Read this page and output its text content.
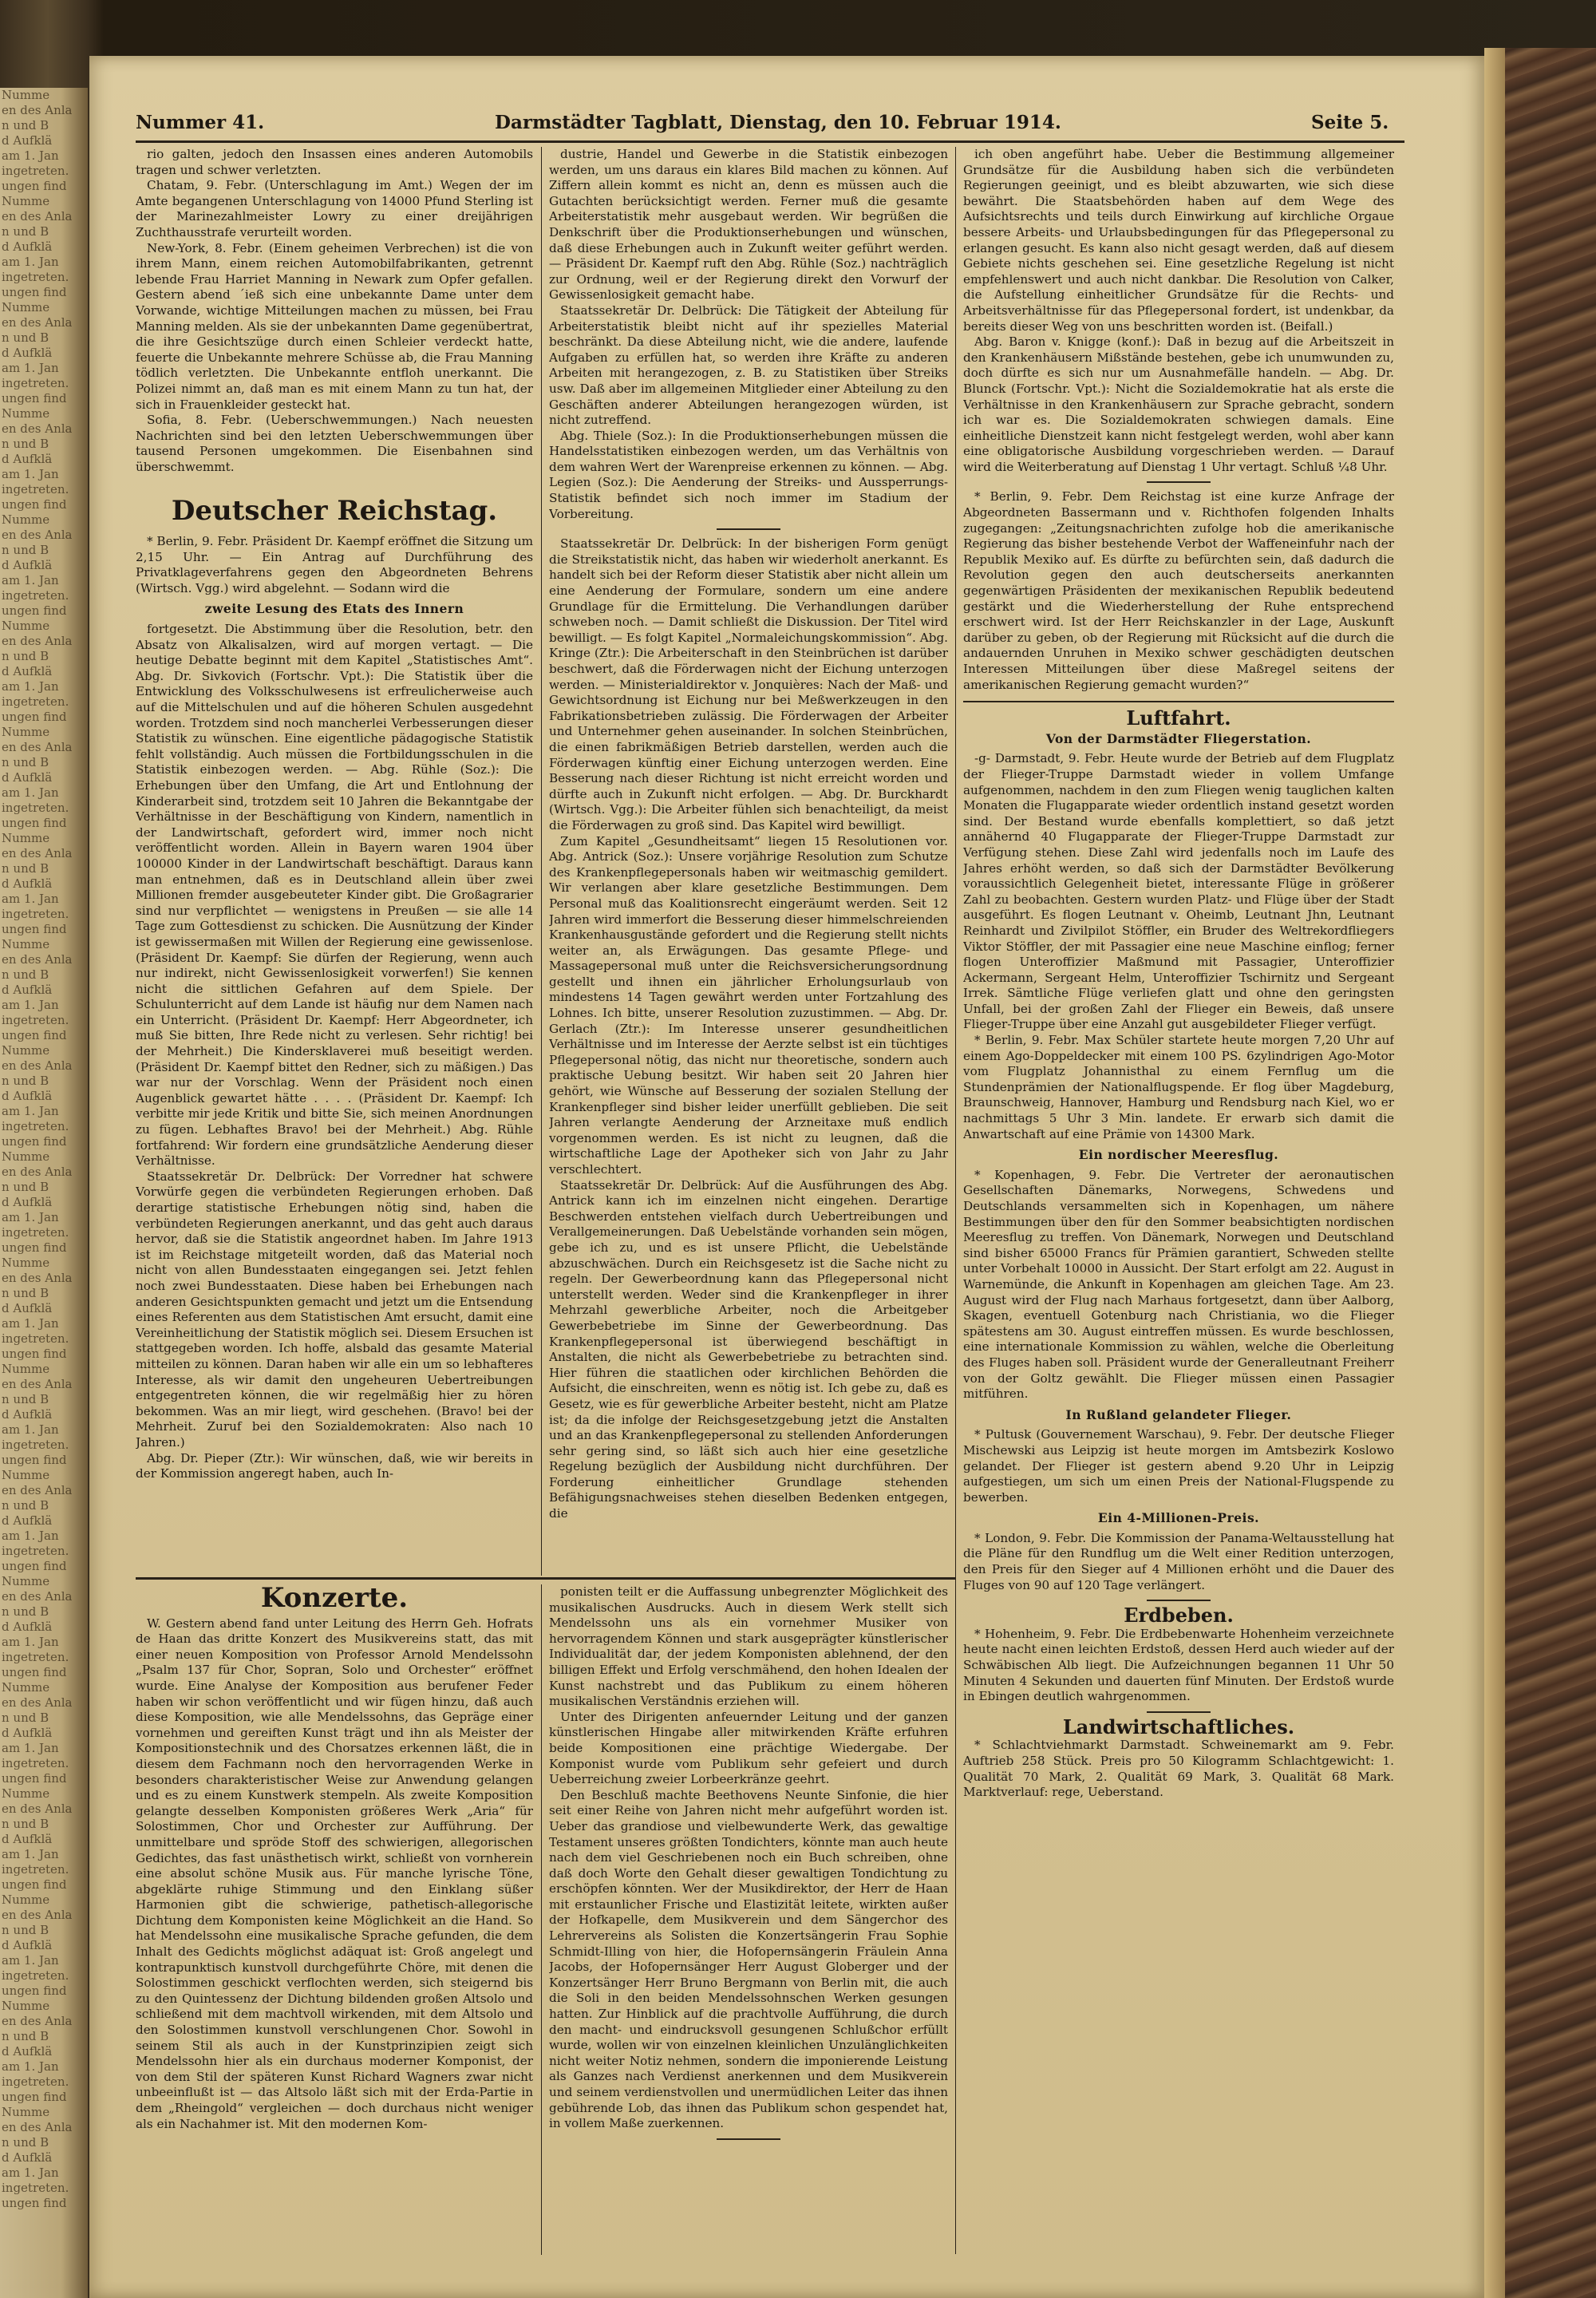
Numme
en des Anla
n und B
d Aufklä
am 1. Jan
ingetreten.
ungen find
Numme
en des Anla
n und B
d Aufklä
am 1. Jan
ingetreten.
ungen find
Numme
en des Anla
n und B
d Aufklä
am 1. Jan
ingetreten.
ungen find
Numme
en des Anla
n und B
d Aufklä
am 1. Jan
ingetreten.
ungen find
Numme
en des Anla
n und B
d Aufklä
am 1. Jan
ingetreten.
ungen find
Numme
en des Anla
n und B
d Aufklä
am 1. Jan
ingetreten.
ungen find
Numme
en des Anla
n und B
d Aufklä
am 1. Jan
ingetreten.
ungen find
Numme
en des Anla
n und B
d Aufklä
am 1. Jan
ingetreten.
ungen find
Numme
en des Anla
n und B
d Aufklä
am 1. Jan
ingetreten.
ungen find
Numme
en des Anla
n und B
d Aufklä
am 1. Jan
ingetreten.
ungen find
Numme
en des Anla
n und B
d Aufklä
am 1. Jan
ingetreten.
ungen find
Numme
en des Anla
n und B
d Aufklä
am 1. Jan
ingetreten.
ungen find
Numme
en des Anla
n und B
d Aufklä
am 1. Jan
ingetreten.
ungen find
Numme
en des Anla
n und B
d Aufklä
am 1. Jan
ingetreten.
ungen find
Numme
en des Anla
n und B
d Aufklä
am 1. Jan
ingetreten.
ungen find
Numme
en des Anla
n und B
d Aufklä
am 1. Jan
ingetreten.
ungen find
Numme
en des Anla
n und B
d Aufklä
am 1. Jan
ingetreten.
ungen find
Numme
en des Anla
n und B
d Aufklä
am 1. Jan
ingetreten.
ungen find
Numme
en des Anla
n und B
d Aufklä
am 1. Jan
ingetreten.
ungen find
Numme
en des Anla
n und B
d Aufklä
am 1. Jan
ingetreten.
ungen find
Nummer 41.	Darmstädter Tagblatt, Dienstag, den 10. Februar 1914.	Seite 5.

rio galten, jedoch den Insassen eines anderen Automobils tragen und schwer verletzten.

Chatam, 9. Febr. (Unterschlagung im Amt.) Wegen der im Amte begangenen Unterschlagung von 14000 Pfund Sterling ist der Marinezahlmeister Lowry zu einer dreijährigen Zuchthausstrafe verurteilt worden.

New-York, 8. Febr. (Einem geheimen Verbrechen) ist die von ihrem Mann, einem reichen Automobilfabrikanten, getrennt lebende Frau Harriet Manning in Newark zum Opfer gefallen. Gestern abend ´ieß sich eine unbekannte Dame unter dem Vorwande, wichtige Mitteilungen machen zu müssen, bei Frau Manning melden. Als sie der unbekannten Dame gegenübertrat, die ihre Gesichtszüge durch einen Schleier verdeckt hatte, feuerte die Unbekannte mehrere Schüsse ab, die Frau Manning tödlich verletzten. Die Unbekannte entfloh unerkannt. Die Polizei nimmt an, daß man es mit einem Mann zu tun hat, der sich in Frauenkleider gesteckt hat.

Sofia, 8. Febr. (Ueberschwemmungen.) Nach neuesten Nachrichten sind bei den letzten Ueberschwemmungen über tausend Personen umgekommen. Die Eisenbahnen sind überschwemmt.

Deutscher Reichstag.

* Berlin, 9. Febr. Präsident Dr. Kaempf eröffnet die Sitzung um 2,15 Uhr. — Ein Antrag auf Durchführung des Privatklageverfahrens gegen den Abgeordneten Behrens (Wirtsch. Vgg.) wird abgelehnt. — Sodann wird die

zweite Lesung des Etats des Innern

fortgesetzt. Die Abstimmung über die Resolution, betr. den Absatz von Alkalisalzen, wird auf morgen vertagt. — Die heutige Debatte beginnt mit dem Kapitel „Statistisches Amt“. Abg. Dr. Sivkovich (Fortschr. Vpt.): Die Statistik über die Entwicklung des Volksschulwesens ist erfreulicherweise auch auf die Mittelschulen und auf die höheren Schulen ausgedehnt worden. Trotzdem sind noch mancherlei Verbesserungen dieser Statistik zu wünschen. Eine eigentliche pädagogische Statistik fehlt vollständig. Auch müssen die Fortbildungsschulen in die Statistik einbezogen werden. — Abg. Rühle (Soz.): Die Erhebungen über den Umfang, die Art und Entlohnung der Kinderarbeit sind, trotzdem seit 10 Jahren die Bekanntgabe der Verhältnisse in der Beschäftigung von Kindern, namentlich in der Landwirtschaft, gefordert wird, immer noch nicht veröffentlicht worden. Allein in Bayern waren 1904 über 100000 Kinder in der Landwirtschaft beschäftigt. Daraus kann man entnehmen, daß es in Deutschland allein über zwei Millionen fremder ausgebeuteter Kinder gibt. Die Großagrarier sind nur verpflichtet — wenigstens in Preußen — sie alle 14 Tage zum Gottesdienst zu schicken. Die Ausnützung der Kinder ist gewissermaßen mit Willen der Regierung eine gewissenlose. (Präsident Dr. Kaempf: Sie dürfen der Regierung, wenn auch nur indirekt, nicht Gewissenlosigkeit vorwerfen!) Sie kennen nicht die sittlichen Gefahren auf dem Spiele. Der Schulunterricht auf dem Lande ist häufig nur dem Namen nach ein Unterricht. (Präsident Dr. Kaempf: Herr Abgeordneter, ich muß Sie bitten, Ihre Rede nicht zu verlesen. Sehr richtig! bei der Mehrheit.) Die Kindersklaverei muß beseitigt werden. (Präsident Dr. Kaempf bittet den Redner, sich zu mäßigen.) Das war nur der Vorschlag. Wenn der Präsident noch einen Augenblick gewartet hätte . . . . (Präsident Dr. Kaempf: Ich verbitte mir jede Kritik und bitte Sie, sich meinen Anordnungen zu fügen. Lebhaftes Bravo! bei der Mehrheit.) Abg. Rühle fortfahrend: Wir fordern eine grundsätzliche Aenderung dieser Verhältnisse.

Staatssekretär Dr. Delbrück: Der Vorredner hat schwere Vorwürfe gegen die verbündeten Regierungen erhoben. Daß derartige statistische Erhebungen nötig sind, haben die verbündeten Regierungen anerkannt, und das geht auch daraus hervor, daß sie die Statistik angeordnet haben. Im Jahre 1913 ist im Reichstage mitgeteilt worden, daß das Material noch nicht von allen Bundesstaaten eingegangen sei. Jetzt fehlen noch zwei Bundesstaaten. Diese haben bei Erhebungen nach anderen Gesichtspunkten gemacht und jetzt um die Entsendung eines Referenten aus dem Statistischen Amt ersucht, damit eine Vereinheitlichung der Statistik möglich sei. Diesem Ersuchen ist stattgegeben worden. Ich hoffe, alsbald das gesamte Material mitteilen zu können. Daran haben wir alle ein um so lebhafteres Interesse, als wir damit den ungeheuren Uebertreibungen entgegentreten können, die wir regelmäßig hier zu hören bekommen. Was an mir liegt, wird geschehen. (Bravo! bei der Mehrheit. Zuruf bei den Sozialdemokraten: Also nach 10 Jahren.)

Abg. Dr. Pieper (Ztr.): Wir wünschen, daß, wie wir bereits in der Kommission angeregt haben, auch In-

dustrie, Handel und Gewerbe in die Statistik einbezogen werden, um uns daraus ein klares Bild machen zu können. Auf Ziffern allein kommt es nicht an, denn es müssen auch die Gutachten berücksichtigt werden. Ferner muß die gesamte Arbeiterstatistik mehr ausgebaut werden. Wir begrüßen die Denkschrift über die Produktionserhebungen und wünschen, daß diese Erhebungen auch in Zukunft weiter geführt werden. — Präsident Dr. Kaempf ruft den Abg. Rühle (Soz.) nachträglich zur Ordnung, weil er der Regierung direkt den Vorwurf der Gewissenlosigkeit gemacht habe.

Staatssekretär Dr. Delbrück: Die Tätigkeit der Abteilung für Arbeiterstatistik bleibt nicht auf ihr spezielles Material beschränkt. Da diese Abteilung nicht, wie die andere, laufende Aufgaben zu erfüllen hat, so werden ihre Kräfte zu anderen Arbeiten mit herangezogen, z. B. zu Statistiken über Streiks usw. Daß aber im allgemeinen Mitglieder einer Abteilung zu den Geschäften anderer Abteilungen herangezogen würden, ist nicht zutreffend.

Abg. Thiele (Soz.): In die Produktionserhebungen müssen die Handelsstatistiken einbezogen werden, um das Verhältnis von dem wahren Wert der Warenpreise erkennen zu können. — Abg. Legien (Soz.): Die Aenderung der Streiks- und Aussperrungs-Statistik befindet sich noch immer im Stadium der Vorbereitung.

Staatssekretär Dr. Delbrück: In der bisherigen Form genügt die Streikstatistik nicht, das haben wir wiederholt anerkannt. Es handelt sich bei der Reform dieser Statistik aber nicht allein um eine Aenderung der Formulare, sondern um eine andere Grundlage für die Ermittelung. Die Verhandlungen darüber schweben noch. — Damit schließt die Diskussion. Der Titel wird bewilligt. — Es folgt Kapitel „Normaleichungskommission“. Abg. Kringe (Ztr.): Die Arbeiterschaft in den Steinbrüchen ist darüber beschwert, daß die Förderwagen nicht der Eichung unterzogen werden. — Ministerialdirektor v. Jonquières: Nach der Maß- und Gewichtsordnung ist Eichung nur bei Meßwerkzeugen in den Fabrikationsbetrieben zulässig. Die Förderwagen der Arbeiter und Unternehmer gehen auseinander. In solchen Steinbrüchen, die einen fabrikmäßigen Betrieb darstellen, werden auch die Förderwagen künftig einer Eichung unterzogen werden. Eine Besserung nach dieser Richtung ist nicht erreicht worden und dürfte auch in Zukunft nicht erfolgen. — Abg. Dr. Burckhardt (Wirtsch. Vgg.): Die Arbeiter fühlen sich benachteiligt, da meist die Förderwagen zu groß sind. Das Kapitel wird bewilligt.

Zum Kapitel „Gesundheitsamt“ liegen 15 Resolutionen vor. Abg. Antrick (Soz.): Unsere vorjährige Resolution zum Schutze des Krankenpflegepersonals haben wir weitmaschig gemildert. Wir verlangen aber klare gesetzliche Bestimmungen. Dem Personal muß das Koalitionsrecht eingeräumt werden. Seit 12 Jahren wird immerfort die Besserung dieser himmelschreienden Krankenhausgustände gefordert und die Regierung stellt nichts weiter an, als Erwägungen. Das gesamte Pflege- und Massagepersonal muß unter die Reichsversicherungsordnung gestellt und ihnen ein jährlicher Erholungsurlaub von mindestens 14 Tagen gewährt werden unter Fortzahlung des Lohnes. Ich bitte, unserer Resolution zuzustimmen. — Abg. Dr. Gerlach (Ztr.): Im Interesse unserer gesundheitlichen Verhältnisse und im Interesse der Aerzte selbst ist ein tüchtiges Pflegepersonal nötig, das nicht nur theoretische, sondern auch praktische Uebung besitzt. Wir haben seit 20 Jahren hier gehört, wie Wünsche auf Besserung der sozialen Stellung der Krankenpfleger sind bisher leider unerfüllt geblieben. Die seit Jahren verlangte Aenderung der Arzneitaxe muß endlich vorgenommen werden. Es ist nicht zu leugnen, daß die wirtschaftliche Lage der Apotheker sich von Jahr zu Jahr verschlechtert.

Staatssekretär Dr. Delbrück: Auf die Ausführungen des Abg. Antrick kann ich im einzelnen nicht eingehen. Derartige Beschwerden entstehen vielfach durch Uebertreibungen und Verallgemeinerungen. Daß Uebelstände vorhanden sein mögen, gebe ich zu, und es ist unsere Pflicht, die Uebelstände abzuschwächen. Durch ein Reichsgesetz ist die Sache nicht zu regeln. Der Gewerbeordnung kann das Pflegepersonal nicht unterstellt werden. Weder sind die Krankenpfleger in ihrer Mehrzahl gewerbliche Arbeiter, noch die Arbeitgeber Gewerbebetriebe im Sinne der Gewerbeordnung. Das Krankenpflegepersonal ist überwiegend beschäftigt in Anstalten, die nicht als Gewerbebetriebe zu betrachten sind. Hier führen die staatlichen oder kirchlichen Behörden die Aufsicht, die einschreiten, wenn es nötig ist. Ich gebe zu, daß es Gesetz, wie es für gewerbliche Arbeiter besteht, nicht am Platze ist; da die infolge der Reichsgesetzgebung jetzt die Anstalten und an das Krankenpflegepersonal zu stellenden Anforderungen sehr gering sind, so läßt sich auch hier eine gesetzliche Regelung bezüglich der Ausbildung nicht durchführen. Der Forderung einheitlicher Grundlage stehenden Befähigungsnachweises stehen dieselben Bedenken entgegen, die

ich oben angeführt habe. Ueber die Bestimmung allgemeiner Grundsätze für die Ausbildung haben sich die verbündeten Regierungen geeinigt, und es bleibt abzuwarten, wie sich diese bewährt. Die Staatsbehörden haben auf dem Wege des Aufsichtsrechts und teils durch Einwirkung auf kirchliche Orgaue bessere Arbeits- und Urlaubsbedingungen für das Pflegepersonal zu erlangen gesucht. Es kann also nicht gesagt werden, daß auf diesem Gebiete nichts geschehen sei. Eine gesetzliche Regelung ist nicht empfehlenswert und auch nicht dankbar. Die Resolution von Calker, die Aufstellung einheitlicher Grundsätze für die Rechts- und Arbeitsverhältnisse für das Pflegepersonal fordert, ist undenkbar, da bereits dieser Weg von uns beschritten worden ist. (Beifall.)

Abg. Baron v. Knigge (konf.): Daß in bezug auf die Arbeitszeit in den Krankenhäusern Mißstände bestehen, gebe ich unumwunden zu, doch dürfte es sich nur um Ausnahmefälle handeln. — Abg. Dr. Blunck (Fortschr. Vpt.): Nicht die Sozialdemokratie hat als erste die Verhältnisse in den Krankenhäusern zur Sprache gebracht, sondern ich war es. Die Sozialdemokraten schwiegen damals. Eine einheitliche Dienstzeit kann nicht festgelegt werden, wohl aber kann eine obligatorische Ausbildung vorgeschrieben werden. — Darauf wird die Weiterberatung auf Dienstag 1 Uhr vertagt. Schluß ¼8 Uhr.

* Berlin, 9. Febr. Dem Reichstag ist eine kurze Anfrage der Abgeordneten Bassermann und v. Richthofen folgenden Inhalts zugegangen: „Zeitungsnachrichten zufolge hob die amerikanische Regierung das bisher bestehende Verbot der Waffeneinfuhr nach der Republik Mexiko auf. Es dürfte zu befürchten sein, daß dadurch die Revolution gegen den auch deutscherseits anerkannten gegenwärtigen Präsidenten der mexikanischen Republik bedeutend gestärkt und die Wiederherstellung der Ruhe entsprechend erschwert wird. Ist der Herr Reichskanzler in der Lage, Auskunft darüber zu geben, ob der Regierung mit Rücksicht auf die durch die andauernden Unruhen in Mexiko schwer geschädigten deutschen Interessen Mitteilungen über diese Maßregel seitens der amerikanischen Regierung gemacht wurden?“

Luftfahrt.
Von der Darmstädter Fliegerstation.

-g- Darmstadt, 9. Febr. Heute wurde der Betrieb auf dem Flugplatz der Flieger-Truppe Darmstadt wieder in vollem Umfange aufgenommen, nachdem in den zum Fliegen wenig tauglichen kalten Monaten die Flugapparate wieder ordentlich instand gesetzt worden sind. Der Bestand wurde ebenfalls komplettiert, so daß jetzt annähernd 40 Flugapparate der Flieger-Truppe Darmstadt zur Verfügung stehen. Diese Zahl wird jedenfalls noch im Laufe des Jahres erhöht werden, so daß sich der Darmstädter Bevölkerung voraussichtlich Gelegenheit bietet, interessante Flüge in größerer Zahl zu beobachten. Gestern wurden Platz- und Flüge über der Stadt ausgeführt. Es flogen Leutnant v. Oheimb, Leutnant Jhn, Leutnant Reinhardt und Zivilpilot Stöffler, ein Bruder des Weltrekordfliegers Viktor Stöffler, der mit Passagier eine neue Maschine einflog; ferner flogen Unteroffizier Maßmund mit Passagier, Unteroffizier Ackermann, Sergeant Helm, Unteroffizier Tschirnitz und Sergeant Irrek. Sämtliche Flüge verliefen glatt und ohne den geringsten Unfall, bei der großen Zahl der Flieger ein Beweis, daß unsere Flieger-Truppe über eine Anzahl gut ausgebildeter Flieger verfügt.

* Berlin, 9. Febr. Max Schüler startete heute morgen 7,20 Uhr auf einem Ago-Doppeldecker mit einem 100 PS. 6zylindrigen Ago-Motor vom Flugplatz Johannisthal zu einem Fernflug um die Stundenprämien der Nationalflugspende. Er flog über Magdeburg, Braunschweig, Hannover, Hamburg und Rendsburg nach Kiel, wo er nachmittags 5 Uhr 3 Min. landete. Er erwarb sich damit die Anwartschaft auf eine Prämie von 14300 Mark.

Ein nordischer Meeresflug.

* Kopenhagen, 9. Febr. Die Vertreter der aeronautischen Gesellschaften Dänemarks, Norwegens, Schwedens und Deutschlands versammelten sich in Kopenhagen, um nähere Bestimmungen über den für den Sommer beabsichtigten nordischen Meeresflug zu treffen. Von Dänemark, Norwegen und Deutschland sind bisher 65000 Francs für Prämien garantiert, Schweden stellte unter Vorbehalt 10000 in Aussicht. Der Start erfolgt am 22. August in Warnemünde, die Ankunft in Kopenhagen am gleichen Tage. Am 23. August wird der Flug nach Marhaus fortgesetzt, dann über Aalborg, Skagen, eventuell Gotenburg nach Christiania, wo die Flieger spätestens am 30. August eintreffen müssen. Es wurde beschlossen, eine internationale Kommission zu wählen, welche die Oberleitung des Fluges haben soll. Präsident wurde der Generalleutnant Freiherr von der Goltz gewählt. Die Flieger müssen einen Passagier mitführen.

In Rußland gelandeter Flieger.

* Pultusk (Gouvernement Warschau), 9. Febr. Der deutsche Flieger Mischewski aus Leipzig ist heute morgen im Amtsbezirk Koslowo gelandet. Der Flieger ist gestern abend 9.20 Uhr in Leipzig aufgestiegen, um sich um einen Preis der National-Flugspende zu bewerben.

Ein 4-Millionen-Preis.

* London, 9. Febr. Die Kommission der Panama-Weltausstellung hat die Pläne für den Rundflug um die Welt einer Redition unterzogen, den Preis für den Sieger auf 4 Millionen erhöht und die Dauer des Fluges von 90 auf 120 Tage verlängert.

Erdbeben.

* Hohenheim, 9. Febr. Die Erdbebenwarte Hohenheim verzeichnete heute nacht einen leichten Erdstoß, dessen Herd auch wieder auf der Schwäbischen Alb liegt. Die Aufzeichnungen begannen 11 Uhr 50 Minuten 4 Sekunden und dauerten fünf Minuten. Der Erdstoß wurde in Ebingen deutlich wahrgenommen.

Landwirtschaftliches.

* Schlachtviehmarkt Darmstadt. Schweinemarkt am 9. Febr. Auftrieb 258 Stück. Preis pro 50 Kilogramm Schlachtgewicht: 1. Qualität 70 Mark, 2. Qualität 69 Mark, 3. Qualität 68 Mark. Marktverlauf: rege, Ueberstand.

Konzerte.

W. Gestern abend fand unter Leitung des Herrn Geh. Hofrats de Haan das dritte Konzert des Musikvereins statt, das mit einer neuen Komposition von Professor Arnold Mendelssohn „Psalm 137 für Chor, Sopran, Solo und Orchester“ eröffnet wurde. Eine Analyse der Komposition aus berufener Feder haben wir schon veröffentlicht und wir fügen hinzu, daß auch diese Komposition, wie alle Mendelssohns, das Gepräge einer vornehmen und gereiften Kunst trägt und ihn als Meister der Kompositionstechnik und des Chorsatzes erkennen läßt, die in diesem dem Fachmann noch den hervorragenden Werke in besonders charakteristischer Weise zur Anwendung gelangen und es zu einem Kunstwerk stempeln. Als zweite Komposition gelangte desselben Komponisten größeres Werk „Aria“ für Solostimmen, Chor und Orchester zur Aufführung. Der unmittelbare und spröde Stoff des schwierigen, allegorischen Gedichtes, das fast unästhetisch wirkt, schließt von vornherein eine absolut schöne Musik aus. Für manche lyrische Töne, abgeklärte ruhige Stimmung und den Einklang süßer Harmonien gibt die schwierige, pathetisch-allegorische Dichtung dem Komponisten keine Möglichkeit an die Hand. So hat Mendelssohn eine musikalische Sprache gefunden, die dem Inhalt des Gedichts möglichst adäquat ist: Groß angelegt und kontrapunktisch kunstvoll durchgeführte Chöre, mit denen die Solostimmen geschickt verflochten werden, sich steigernd bis zu den Quintessenz der Dichtung bildenden großen Altsolo und schließend mit dem machtvoll wirkenden, mit dem Altsolo und den Solostimmen kunstvoll verschlungenen Chor. Sowohl in seinem Stil als auch in der Kunstprinzipien zeigt sich Mendelssohn hier als ein durchaus moderner Komponist, der von dem Stil der späteren Kunst Richard Wagners zwar nicht unbeeinflußt ist — das Altsolo läßt sich mit der Erda-Partie in dem „Rheingold“ vergleichen — doch durchaus nicht weniger als ein Nachahmer ist. Mit den modernen Kom-

ponisten teilt er die Auffassung unbegrenzter Möglichkeit des musikalischen Ausdrucks. Auch in diesem Werk stellt sich Mendelssohn uns als ein vornehmer Musiker von hervorragendem Können und stark ausgeprägter künstlerischer Individualität dar, der jedem Komponisten ablehnend, der den billigen Effekt und Erfolg verschmähend, den hohen Idealen der Kunst nachstrebt und das Publikum zu einem höheren musikalischen Verständnis erziehen will.

Unter des Dirigenten anfeuernder Leitung und der ganzen künstlerischen Hingabe aller mitwirkenden Kräfte erfuhren beide Kompositionen eine prächtige Wiedergabe. Der Komponist wurde vom Publikum sehr gefeiert und durch Ueberreichung zweier Lorbeerkränze geehrt.

Den Beschluß machte Beethovens Neunte Sinfonie, die hier seit einer Reihe von Jahren nicht mehr aufgeführt worden ist. Ueber das grandiose und vielbewunderte Werk, das gewaltige Testament unseres größten Tondichters, könnte man auch heute nach dem viel Geschriebenen noch ein Buch schreiben, ohne daß doch Worte den Gehalt dieser gewaltigen Tondichtung zu erschöpfen könnten. Wer der Musikdirektor, der Herr de Haan mit erstaunlicher Frische und Elastizität leitete, wirkten außer der Hofkapelle, dem Musikverein und dem Sängerchor des Lehrervereins als Solisten die Konzertsängerin Frau Sophie Schmidt-Illing von hier, die Hofopernsängerin Fräulein Anna Jacobs, der Hofopernsänger Herr August Globerger und der Konzertsänger Herr Bruno Bergmann von Berlin mit, die auch die Soli in den beiden Mendelssohnschen Werken gesungen hatten. Zur Hinblick auf die prachtvolle Aufführung, die durch den macht- und eindrucksvoll gesungenen Schlußchor erfüllt wurde, wollen wir von einzelnen kleinlichen Unzulänglichkeiten nicht weiter Notiz nehmen, sondern die imponierende Leistung als Ganzes nach Verdienst anerkennen und dem Musikverein und seinem verdienstvollen und unermüdlichen Leiter das ihnen gebührende Lob, das ihnen das Publikum schon gespendet hat, in vollem Maße zuerkennen.
